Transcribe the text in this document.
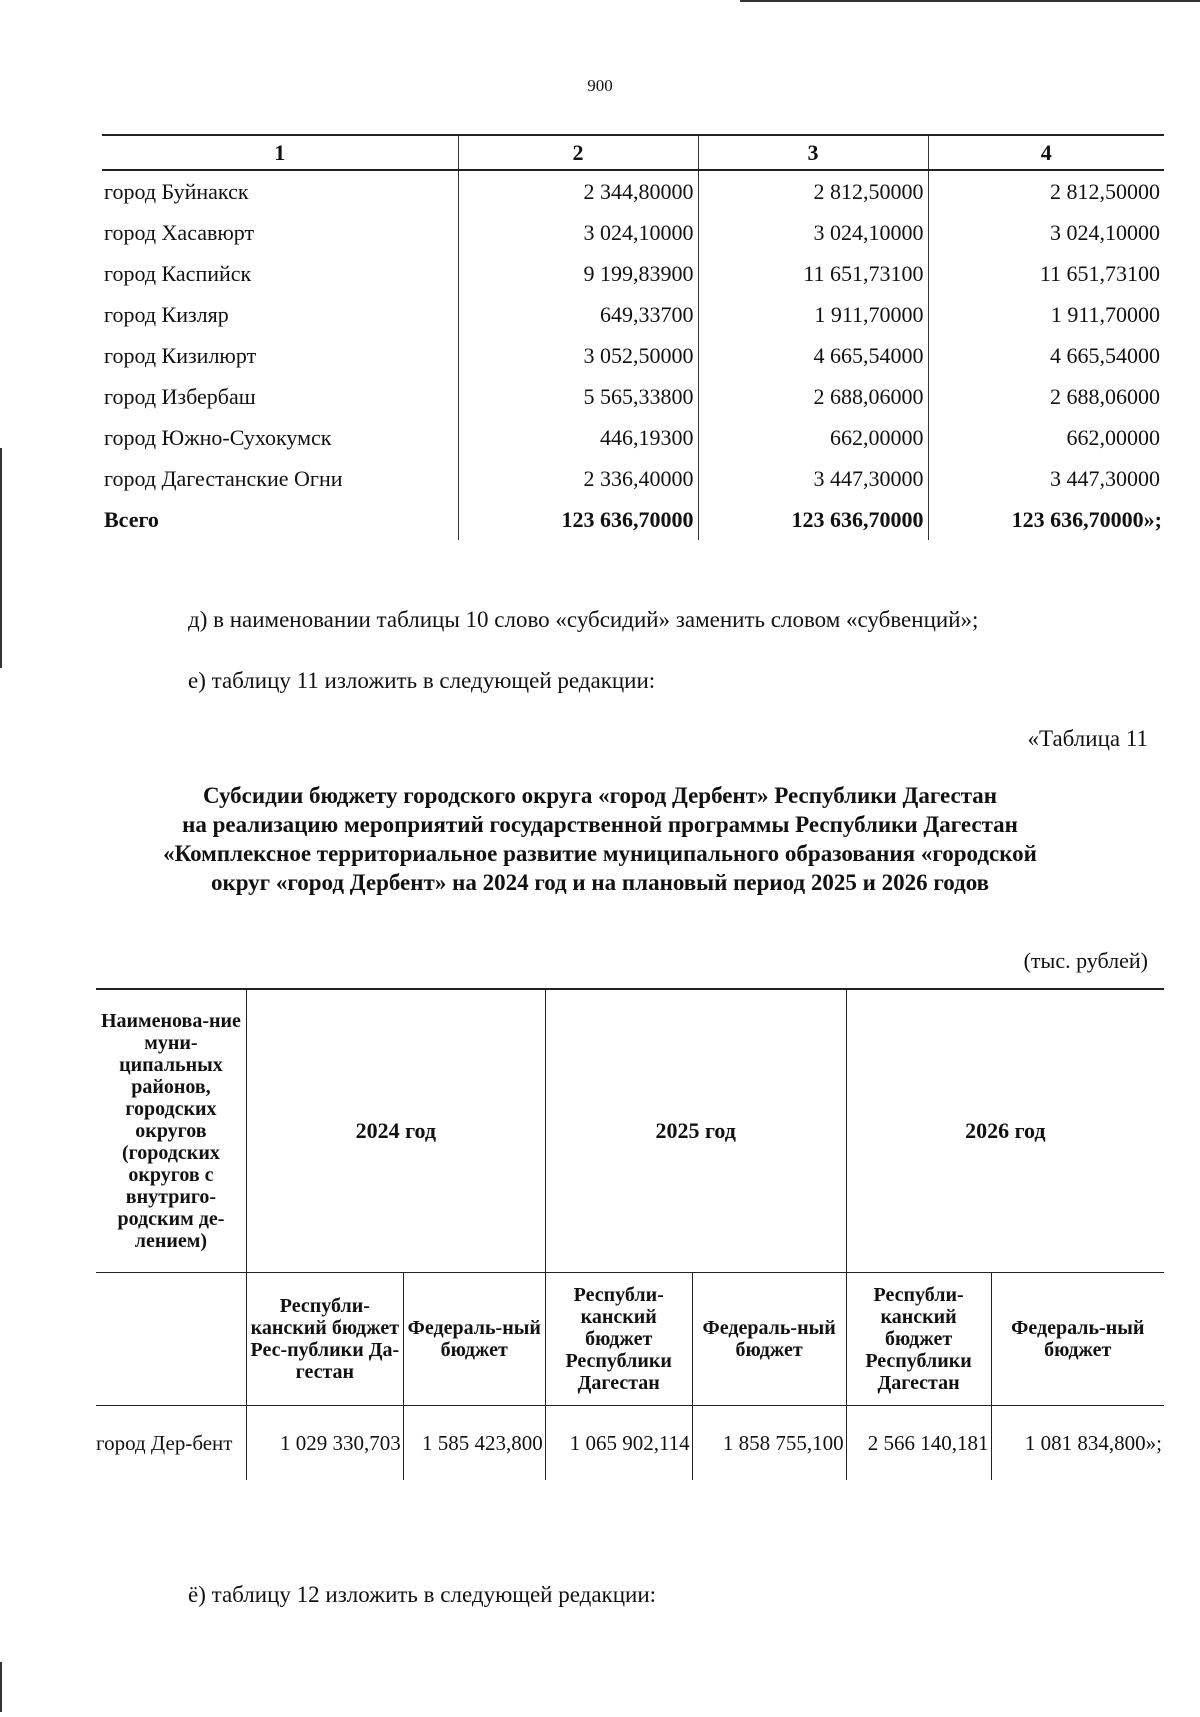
900
1	2	3	4
город Буйнакск	2 344,80000	2 812,50000	2 812,50000
город Хасавюрт	3 024,10000	3 024,10000	3 024,10000
город Каспийск	9 199,83900	11 651,73100	11 651,73100
город Кизляр	649,33700	1 911,70000	1 911,70000
город Кизилюрт	3 052,50000	4 665,54000	4 665,54000
город Избербаш	5 565,33800	2 688,06000	2 688,06000
город Южно-Сухокумск	446,19300	662,00000	662,00000
город Дагестанские Огни	2 336,40000	3 447,30000	3 447,30000
Всего	123 636,70000	123 636,70000	123 636,70000»;
д) в наименовании таблицы 10 слово «субсидий» заменить словом «субвенций»;
е) таблицу 11 изложить в следующей редакции:
«Таблица 11
Субсидии бюджету городского округа «город Дербент» Республики Дагестан
на реализацию мероприятий государственной программы Республики Дагестан
«Комплексное территориальное развитие муниципального образования «городской
округ «город Дербент» на 2024 год и на плановый период 2025 и 2026 годов
(тыс. рублей)
Наименова-ние муни-ципальных районов, городских округов (городских округов с внутриго-родским де-лением)	2024 год		2025 год		2026 год	
	Республи-канский бюджет Рес-публики Да-гестан	Федераль-ный бюджет	Республи-канский бюджет Республики Дагестан	Федераль-ный бюджет	Республи-канский бюджет Республики Дагестан	Федераль-ный бюджет
город Дер-бент	1 029 330,703	1 585 423,800	1 065 902,114	1 858 755,100	2 566 140,181	1 081 834,800»;
ё) таблицу 12 изложить в следующей редакции:
